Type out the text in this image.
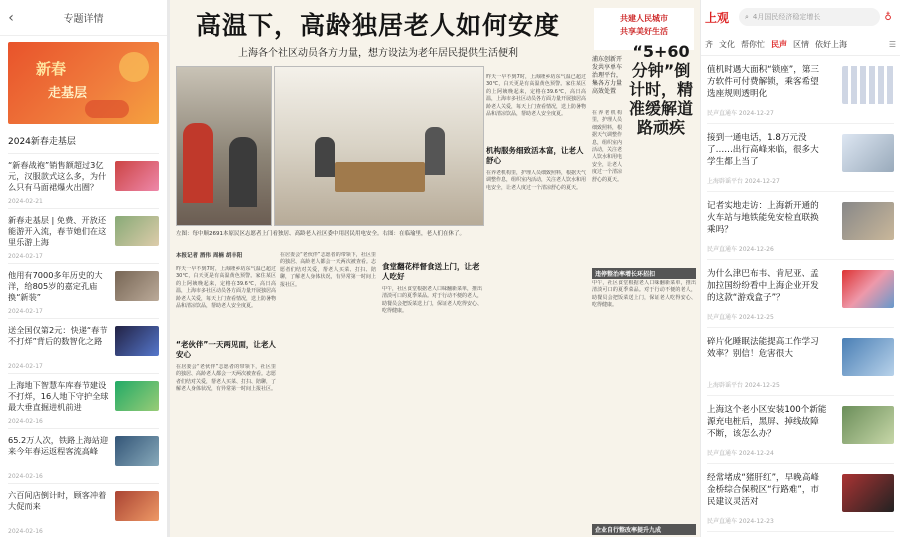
‹	专题详情
新春
走基层
2024新春走基层
“新春战袍”销售额超过3亿元，汉服款式这么多，为什么只有马面裙爆火出圈？
2024-02-21
新春走基层 | 免费、开放还能游开入流，春节她们在这里乐游上海
2024-02-17
他用有7000多年历史的大洋，给805岁的嘉定孔庙换“新装”
2024-02-17
送全国仅第2元：快递“春节不打烊”背后的数智化之路
2024-02-17
上海地下智慧车库春节建设不打烊，16人地下守护全球最大垂直掘进机前进
2024-02-16
65.2万人次，铁路上海站迎来今年春运返程客流高峰
2024-02-16
六百间店倒计时，顾客冲着大促而来
2024-02-16
高温下，高龄独居老人如何安度
上海各个社区动员各方力量，想方设法为老年居民提供生活便利
左图：每中顺2691本原民区志愿者上门看独居、高龄老人社区委中用居民用电安全。右图：在临瑜里，老人们在休了。
本报记者 酒伟 周楠 胡丰阳
昨天一早不到7时，上海隆乡坊东气温已超过30℃，白天更是有高温黄色预警。家住某区的上阿姨晚起来，定格在39.6℃，高日高温，上海市多社区动员各方面力量开展独居高龄老人关爱，每天上门查看情况，送上防暑物品和清凉饮品，帮助老人安全度夏。
“老伙伴”一天两见面，让老人安心
在居委会“老伙伴”志愿者的带领下，社区里的独居、高龄老人都会一天两次被查看。志愿者们结对关爱，帮老人买菜、打扫、陪聊，了解老人身体状况，有异常第一时间上报社区。
在居委会“老伙伴”志愿者的带领下，社区里的独居、高龄老人都会一天两次被查看。志愿者们结对关爱，帮老人买菜、打扫、陪聊，了解老人身体状况，有异常第一时间上报社区。
食堂翻花样督食送上门，让老人吃好
中午，社区食堂根据老人口味翻新菜单，推出清淡可口的夏季菜品。对于行动不便的老人，助餐员会把饭菜送上门，保证老人吃得安心、吃得健康。
昨天一早不到7时，上海隆乡坊东气温已超过30℃，白天更是有高温黄色预警。家住某区的上阿姨晚起来，定格在39.6℃，高日高温，上海市多社区动员各方面力量开展独居高龄老人关爱，每天上门查看情况，送上防暑物品和清凉饮品，帮助老人安全度夏。
机构服务细致活本富，让老人舒心
在养老机构里，护理人员细致照料，根据天气调整作息，组织室内活动，关注老人饮水和用电安全，让老人度过一个清凉舒心的夏天。
共建人民城市
共享美好生活
浦东创新开发共享单车治理平台，集各方力量高效处置
“5+60分钟”倒计时，精准缓解道路顽疾
在养老机构里，护理人员细致照料，根据天气调整作息，组织室内活动，关注老人饮水和用电安全，让老人度过一个清凉舒心的夏天。
违停整治率增长环招扣
中午，社区食堂根据老人口味翻新菜单，推出清淡可口的夏季菜品。对于行动不便的老人，助餐员会把饭菜送上门，保证老人吃得安心、吃得健康。
企业自行整改率提升九成
上观	⌕ 4月国民经济稳定增长	♁
齐 文化 帮你忙 民声 区情 依好上海	☰
值机时遇大面积“锁座”，第三方软件可付费解锁，乘客希望选座规则透明化
民声直通车 2024-12-27
接到一通电话，1.8万元没了……出行高峰来临，很多大学生都上当了
上海辟谣平台 2024-12-27
记者实地走访：上海新开通的火车站与地铁能免安检直联换乘吗？
民声直通车 2024-12-26
为什么津巴布韦、肯尼亚、孟加拉国纷纷看中上海企业开发的这款“游戏盒子”？
民声直通车 2024-12-25
碎片化睡眠法能提高工作学习效率？别信！危害很大
上海辟谣平台 2024-12-25
上海这个老小区安装100个新能源充电桩后，黑屏、掉线故障不断，该怎么办？
民声直通车 2024-12-24
经常堵成“猪肝红”，早晚高峰金桥综合保税区“行路难”，市民建议灵活对
民声直通车 2024-12-23
